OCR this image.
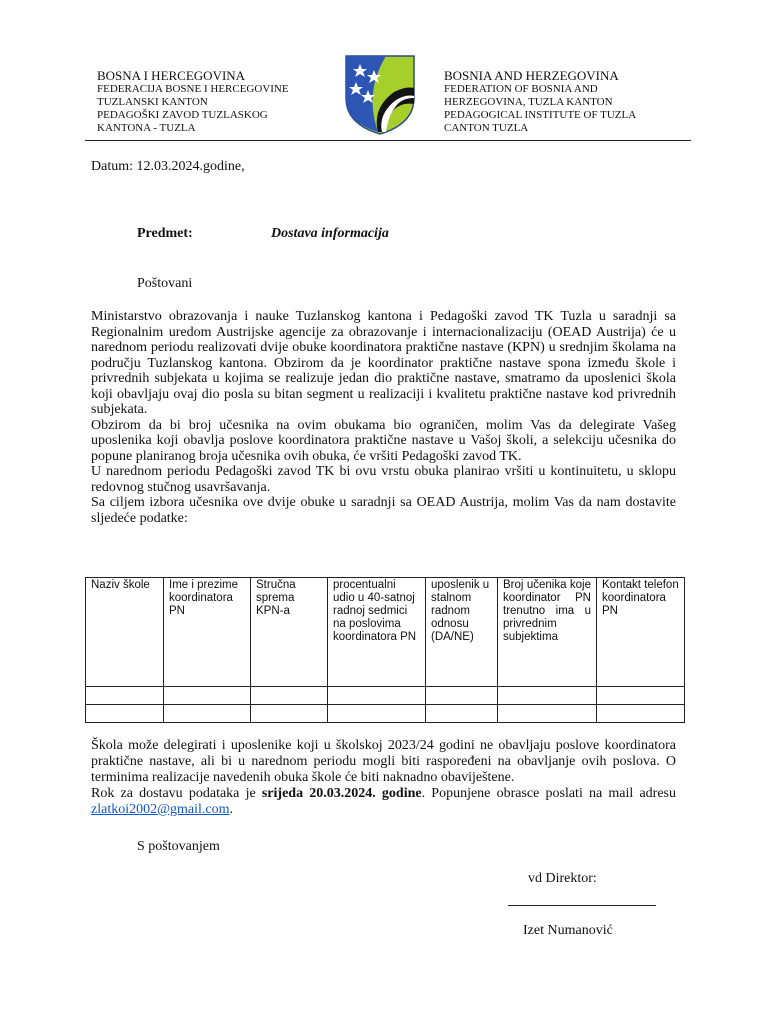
BOSNA I HERCEGOVINA
FEDERACIJA BOSNE I HERCEGOVINE
TUZLANSKI KANTON
PEDAGOŠKI ZAVOD TUZLASKOG
KANTONA - TUZLA
BOSNIA AND HERZEGOVINA
FEDERATION OF BOSNIA AND
HERZEGOVINA, TUZLA KANTON
PEDAGOGICAL INSTITUTE OF TUZLA
CANTON TUZLA
Datum: 12.03.2024.godine,
Predmet:	Dostava informacija
Poštovani

Ministarstvo obrazovanja i nauke Tuzlanskog kantona i Pedagoški zavod TK Tuzla u saradnji sa Regionalnim uredom Austrijske agencije za obrazovanje i internacionalizaciju (OEAD Austrija) će u narednom periodu realizovati dvije obuke koordinatora praktične nastave (KPN) u srednjim školama na području Tuzlanskog kantona. Obzirom da je koordinator praktične nastave spona između škole i privrednih subjekata u kojima se realizuje jedan dio praktične nastave, smatramo da uposlenici škola koji obavljaju ovaj dio posla su bitan segment u realizaciji i kvalitetu praktične nastave kod privrednih subjekata.

Obzirom da bi broj učesnika na ovim obukama bio ograničen, molim Vas da delegirate Vašeg uposlenika koji obavlja poslove koordinatora praktične nastave u Vašoj školi, a selekciju učesnika do popune planiranog broja učesnika ovih obuka, će vršiti Pedagoški zavod TK.

U narednom periodu Pedagoški zavod TK bi ovu vrstu obuka planirao vršiti u kontinuitetu, u sklopu redovnog stučnog usavršavanja.

Sa ciljem izbora učesnika ove dvije obuke u saradnji sa OEAD Austrija, molim Vas da nam dostavite sljedeće podatke:

Naziv škole	Ime i prezime koordinatora PN	Stručna sprema KPN-a	procentualni udio u 40-satnoj radnoj sedmici na poslovima koordinatora PN	uposlenik u stalnom radnom odnosu (DA/NE)	Broj učenika koje koordinator PN trenutno ima u privrednim subjektima	Kontakt telefon koordinatora PN

Škola može delegirati i uposlenike koji u školskoj 2023/24 godini ne obavljaju poslove koordinatora praktične nastave, ali bi u narednom periodu mogli biti raspoređeni na obavljanje ovih poslova. O terminima realizacije navedenih obuka škole će biti naknadno obaviještene.

Rok za dostavu podataka je srijeda 20.03.2024. godine. Popunjene obrasce poslati na mail adresu zlatkoi2002@gmail.com.

S poštovanjem
vd Direktor:
Izet Numanović
